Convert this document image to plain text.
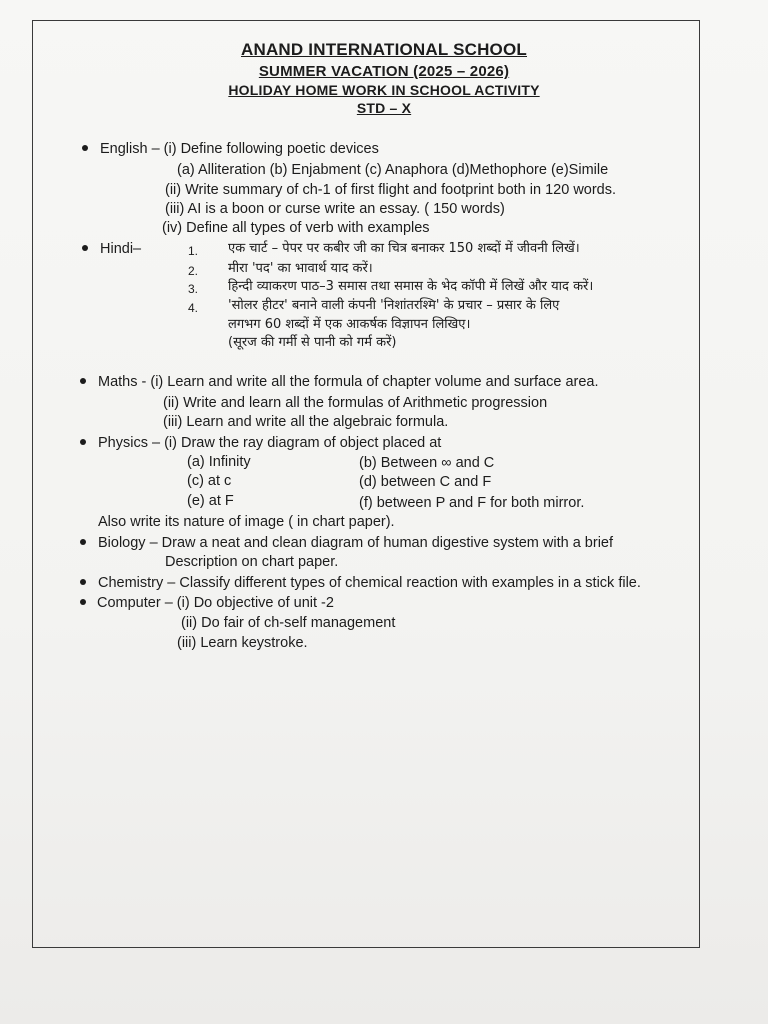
ANAND INTERNATIONAL SCHOOL
SUMMER VACATION (2025 – 2026)
HOLIDAY HOME WORK IN SCHOOL ACTIVITY
STD – X
English – (i) Define following poetic devices
(a) Alliteration (b) Enjabment (c) Anaphora (d)Methophore (e)Simile
(ii) Write summary of ch-1 of first flight and footprint both in 120 words.
(iii) AI is a boon or curse write an essay. ( 150 words)
(iv) Define all types of verb with examples
Hindi–	1. एक चार्ट – पेपर पर कबीर जी का चित्र बनाकर 150 शब्दों में जीवनी लिखें।
2. मीरा 'पद' का भावार्थ याद करें।
3. हिन्दी व्याकरण पाठ–3 समास तथा समास के भेद कॉपी में लिखें और याद करें।
4. 'सोलर हीटर' बनाने वाली कंपनी 'निशांतरश्मि' के प्रचार – प्रसार के लिए
लगभग 60 शब्दों में एक आकर्षक विज्ञापन लिखिए।
(सूरज की गर्मी से पानी को गर्म करें)
Maths - (i) Learn and write all the formula of chapter volume and surface area.
(ii) Write and learn all the formulas of Arithmetic progression
(iii) Learn and write all the algebraic formula.
Physics – (i) Draw the ray diagram of object placed at
(a) Infinity	(b) Between ∞ and C
(c) at c	(d) between C and F
(e) at F	(f) between P and F for both mirror.
Also write its nature of image ( in chart paper).
Biology – Draw a neat and clean diagram of human digestive system with a brief
Description on chart paper.
Chemistry – Classify different types of chemical reaction with examples in a stick file.
Computer – (i) Do objective of unit -2
(ii) Do fair of ch-self management
(iii) Learn keystroke.
